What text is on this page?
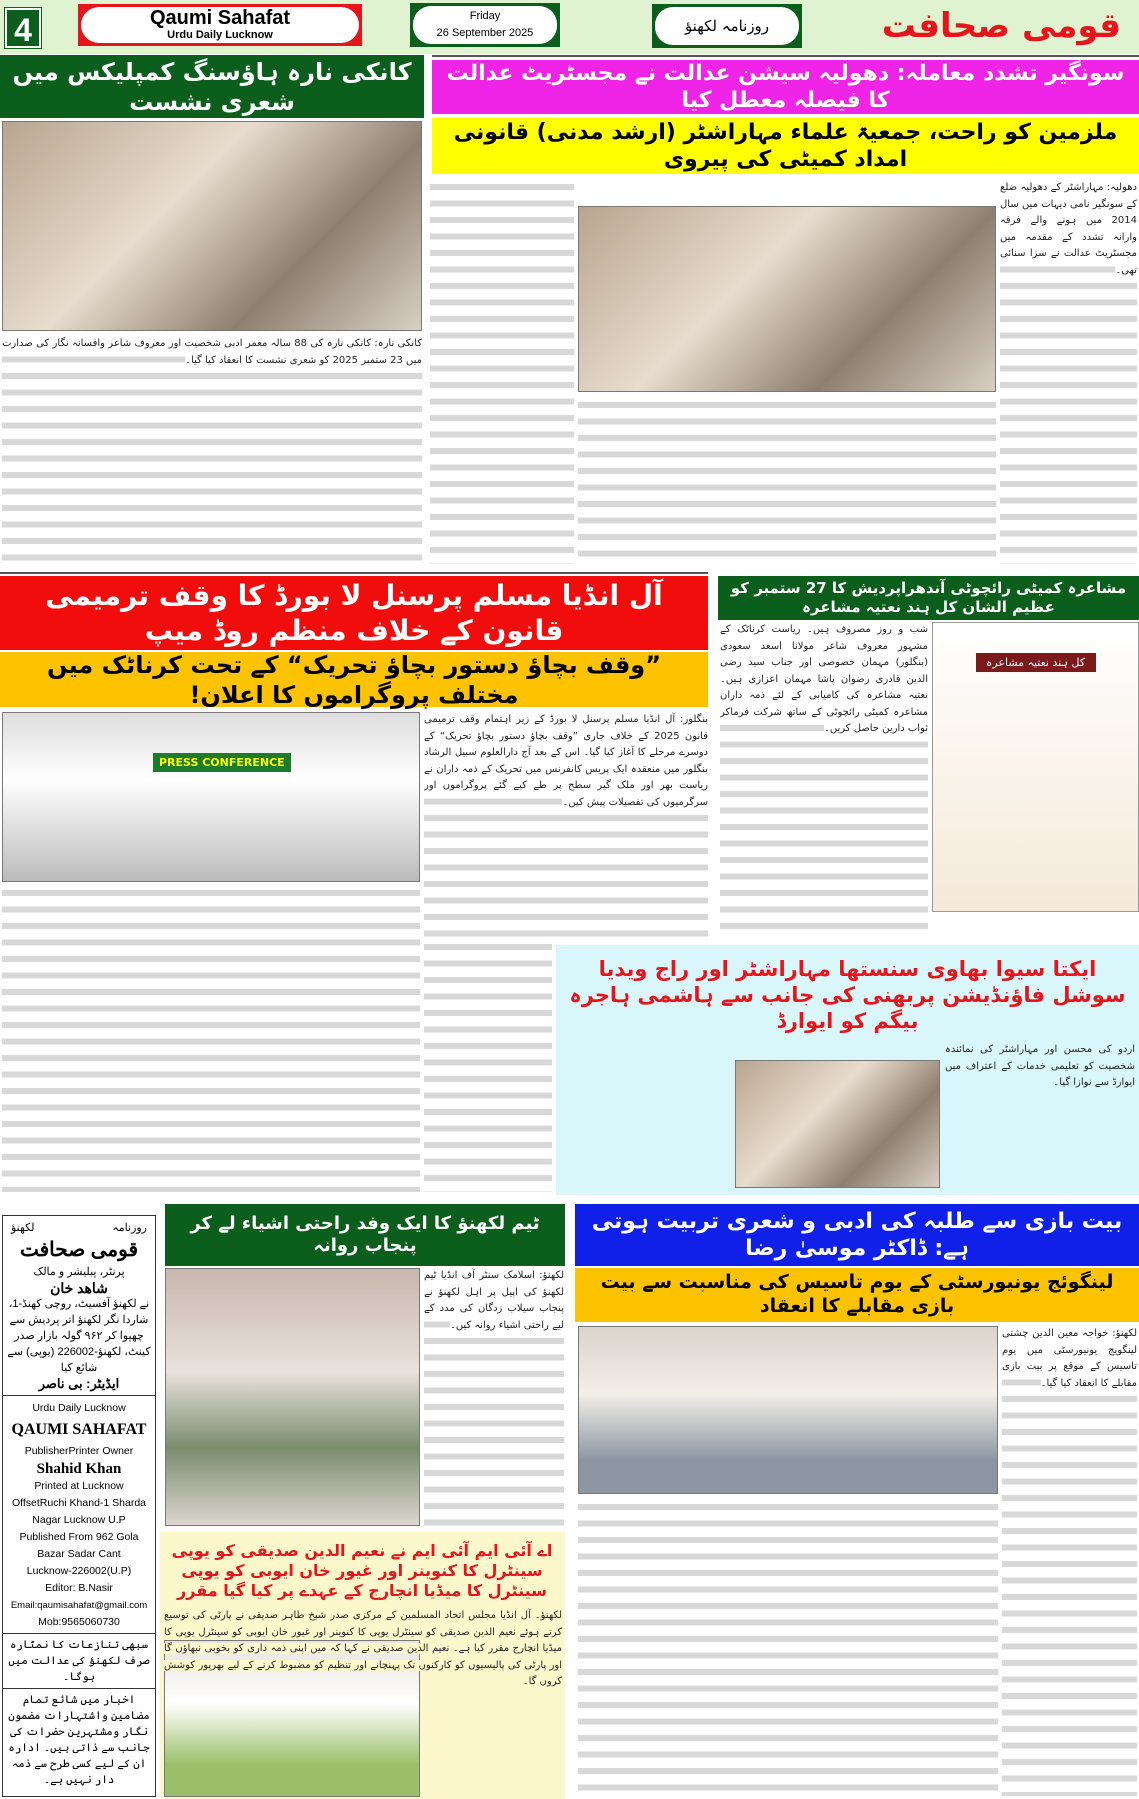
4	Qaumi Sahafat
Urdu Daily Lucknow
Friday
26 September 2025	روزنامہ لکھنؤ	قومی صحافت
کانکی نارہ ہاؤسنگ کمپلیکس میں شعری نشست
کانکی نارہ: کانکی نارہ کی 88 سالہ معمر ادبی شخصیت اور معروف شاعر وافسانہ نگار کی صدارت میں 23 ستمبر 2025 کو شعری نشست کا انعقاد کیا گیا۔
سونگیر تشدد معاملہ: دھولیہ سیشن عدالت نے مجسٹریٹ عدالت کا فیصلہ معطل کیا
ملزمین کو راحت، جمعیۃ علماء مہاراشٹر (ارشد مدنی) قانونی امداد کمیٹی کی پیروی
دھولیہ: مہاراشٹر کے دھولیہ ضلع کے سونگیر نامی دیہات میں سال 2014 میں ہونے والے فرقہ وارانہ تشدد کے مقدمہ میں مجسٹریٹ عدالت نے سزا سنائی تھی۔
آل انڈیا مسلم پرسنل لا بورڈ کا وقف ترمیمی قانون کے خلاف منظم روڈ میپ
”وقف بچاؤ دستور بچاؤ تحریک“ کے تحت کرناٹک میں مختلف پروگراموں کا اعلان!
PRESS CONFERENCE
بنگلور: آل انڈیا مسلم پرسنل لا بورڈ کے زیر اہتمام وقف ترمیمی قانون 2025 کے خلاف جاری ”وقف بچاؤ دستور بچاؤ تحریک“ کے دوسرے مرحلے کا آغاز کیا گیا۔ اس کے بعد آج دارالعلوم سبیل الرشاد بنگلور میں منعقدہ ایک پریس کانفرنس میں تحریک کے ذمہ داران نے ریاست بھر اور ملک گیر سطح پر طے کیے گئے پروگراموں اور سرگرمیوں کی تفصیلات پیش کیں۔
مشاعرہ کمیٹی رائچوٹی آندھراپردیش کا 27 ستمبر کو عظیم الشان کل ہند نعتیہ مشاعرہ
کل ہند نعتیہ مشاعرہ
شب و روز مصروف ہیں۔ ریاست کرناٹک کے مشہور معروف شاعر مولانا اسعد سعودی (بنگلور) مہمان خصوصی اور جناب سید رضی الدین قادری رضوان پاشا مہمان اعزازی ہیں۔ نعتیہ مشاعرہ کی کامیابی کے لئے ذمہ داران مشاعرہ کمیٹی رائچوٹی کے ساتھ شرکت فرماکر ثواب دارین حاصل کریں۔
ایکتا سیوا بھاوی سنستھا مہاراشٹر اور راج ویدیا سوشل فاؤنڈیشن پربھنی کی جانب سے ہاشمی ہاجرہ بیگم کو ایوارڈ
اردو کی محسن اور مہاراشٹر کی نمائندہ شخصیت کو تعلیمی خدمات کے اعتراف میں ایوارڈ سے نوازا گیا۔
روزنامہ
لکھنؤ
قومی صحافت
پرنٹر، پبلیشر و مالک
شاهد خان
نے لکھنؤ آفسیٹ، روچی کھنڈ-1، شاردا نگر لکھنؤ اتر پردیش سے چھپوا کر ۹۶۲ گولہ بازار صدر کینٹ، لکھنؤ-226002 (یوپی) سے شائع کیا
ایڈیٹر: بی ناصر
Urdu Daily Lucknow
QAUMI SAHAFAT
PublisherPrinter Owner
Shahid Khan
Printed at Lucknow
OffsetRuchi Khand-1 Sharda
Nagar Lucknow U.P
Published From 962 Gola
Bazar Sadar Cant
Lucknow-226002(U.P)
Editor: B.Nasir
Email:qaumisahafat@gmail.com
Mob:9565060730
سبھی تنازعات کا نمٹارہ صرف لکھنؤ کی عدالت میں ہوگا۔
اخبار میں شائع تمام مضامین واشتہارات مضمون نگار ومشتہرین حضرات کی جانب سے ذاتی ہیں۔ ادارہ ان کے لیے کسی طرح سے ذمہ دار نہیں ہے۔
ٹیم لکھنؤ کا ایک وفد راحتی اشیاء لے کر پنجاب روانہ
لکھنؤ: اسلامک سنٹر آف انڈیا ٹیم لکھنؤ کی اپیل پر اہل لکھنؤ نے پنجاب سیلاب زدگان کی مدد کے لیے راحتی اشیاء روانہ کیں۔
اے آئی ایم آئی ایم نے نعیم الدین صدیقی کو یوپی سینٹرل کا کنوینر اور غیور خان ایوبی کو یوپی سینٹرل کا میڈیا انچارج کے عہدے پر کیا گیا مقرر
لکھنؤ۔ آل انڈیا مجلس اتحاد المسلمین کے مرکزی صدر شیخ طاہر صدیقی نے پارٹی کی توسیع کرتے ہوئے نعیم الدین صدیقی کو سینٹرل یوپی کا کنوینر اور غیور خان ایوبی کو سینٹرل یوپی کا میڈیا انچارج مقرر کیا ہے۔ نعیم الدین صدیقی نے کہا کہ میں اپنی ذمہ داری کو بخوبی نبھاؤں گا اور پارٹی کی پالیسیوں کو کارکنوں تک پہنچانے اور تنظیم کو مضبوط کرنے کے لیے بھرپور کوشش کروں گا۔
بیت بازی سے طلبہ کی ادبی و شعری تربیت ہوتی ہے: ڈاکٹر موسیٰ رضا
لینگوئج یونیورسٹی کے یوم تاسیس کی مناسبت سے بیت بازی مقابلے کا انعقاد
لکھنؤ: خواجہ معین الدین چشتی لینگویج یونیورسٹی میں یوم تاسیس کے موقع پر بیت بازی مقابلے کا انعقاد کیا گیا۔
